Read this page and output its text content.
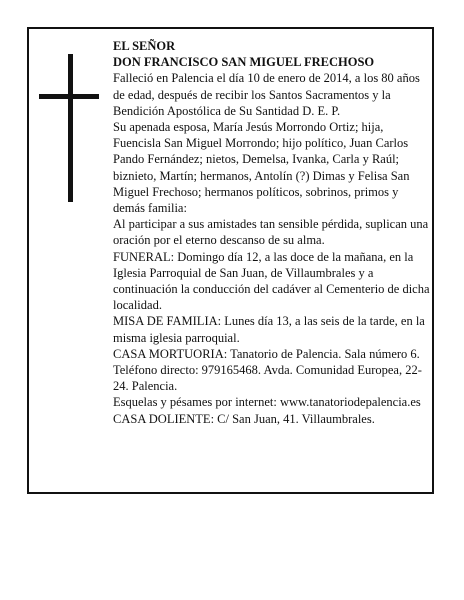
EL SEÑOR

DON FRANCISCO SAN MIGUEL FRECHOSO

Falleció en Palencia el día 10 de enero de 2014, a los 80 años de edad, después de recibir los Santos Sacramentos y la Bendición Apostólica de Su Santidad D. E. P.

Su apenada esposa, María Jesús Morrondo Ortiz; hija, Fuencisla San Miguel Morrondo; hijo político, Juan Carlos Pando Fernández; nietos, Demelsa, Ivanka, Carla y Raúl; biznieto, Martín; hermanos, Antolín (?) Dimas y Felisa San Miguel Frechoso; hermanos políticos, sobrinos, primos y demás familia:

Al participar a sus amistades tan sensible pérdida, suplican una oración por el eterno descanso de su alma.

FUNERAL: Domingo día 12, a las doce de la mañana, en la Iglesia Parroquial de San Juan, de Villaumbrales y a continuación la conducción del cadáver al Cementerio de dicha localidad.

MISA DE FAMILIA: Lunes día 13, a las seis de la tarde, en la misma iglesia parroquial.

CASA MORTUORIA: Tanatorio de Palencia. Sala número 6. Teléfono directo: 979165468. Avda. Comunidad Europea, 22-24. Palencia.

Esquelas y pésames por internet: www.tanatoriodepalencia.es

CASA DOLIENTE: C/ San Juan, 41. Villaumbrales.
